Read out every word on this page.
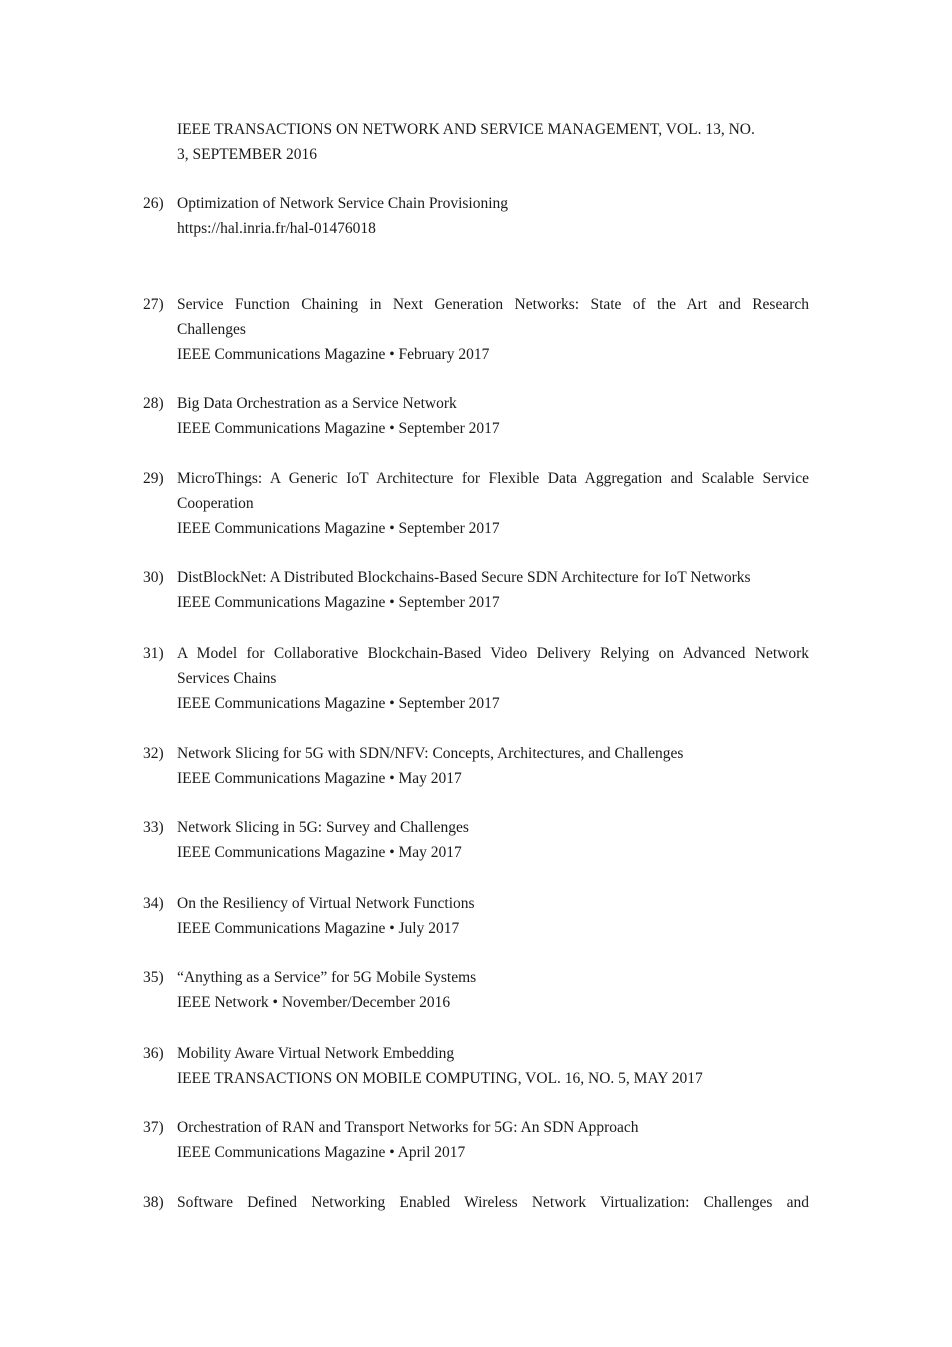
IEEE TRANSACTIONS ON NETWORK AND SERVICE MANAGEMENT, VOL. 13, NO.
3, SEPTEMBER 2016
26) Optimization of Network Service Chain Provisioning
https://hal.inria.fr/hal-01476018
27) Service Function Chaining in Next Generation Networks: State of the Art and Research
Challenges
IEEE Communications Magazine • February 2017
28) Big Data Orchestration as a Service Network
IEEE Communications Magazine • September 2017
29) MicroThings: A Generic IoT Architecture for Flexible Data Aggregation and Scalable Service
Cooperation
IEEE Communications Magazine • September 2017
30) DistBlockNet: A Distributed Blockchains-Based Secure SDN Architecture for IoT Networks
IEEE Communications Magazine • September 2017
31) A Model for Collaborative Blockchain-Based Video Delivery Relying on Advanced Network
Services Chains
IEEE Communications Magazine • September 2017
32) Network Slicing for 5G with SDN/NFV: Concepts, Architectures, and Challenges
IEEE Communications Magazine • May 2017
33) Network Slicing in 5G: Survey and Challenges
IEEE Communications Magazine • May 2017
34) On the Resiliency of Virtual Network Functions
IEEE Communications Magazine • July 2017
35) “Anything as a Service” for 5G Mobile Systems
IEEE Network • November/December 2016
36) Mobility Aware Virtual Network Embedding
IEEE TRANSACTIONS ON MOBILE COMPUTING, VOL. 16, NO. 5, MAY 2017
37) Orchestration of RAN and Transport Networks for 5G: An SDN Approach
IEEE Communications Magazine • April 2017
38) Software Defined Networking Enabled Wireless Network Virtualization: Challenges and
